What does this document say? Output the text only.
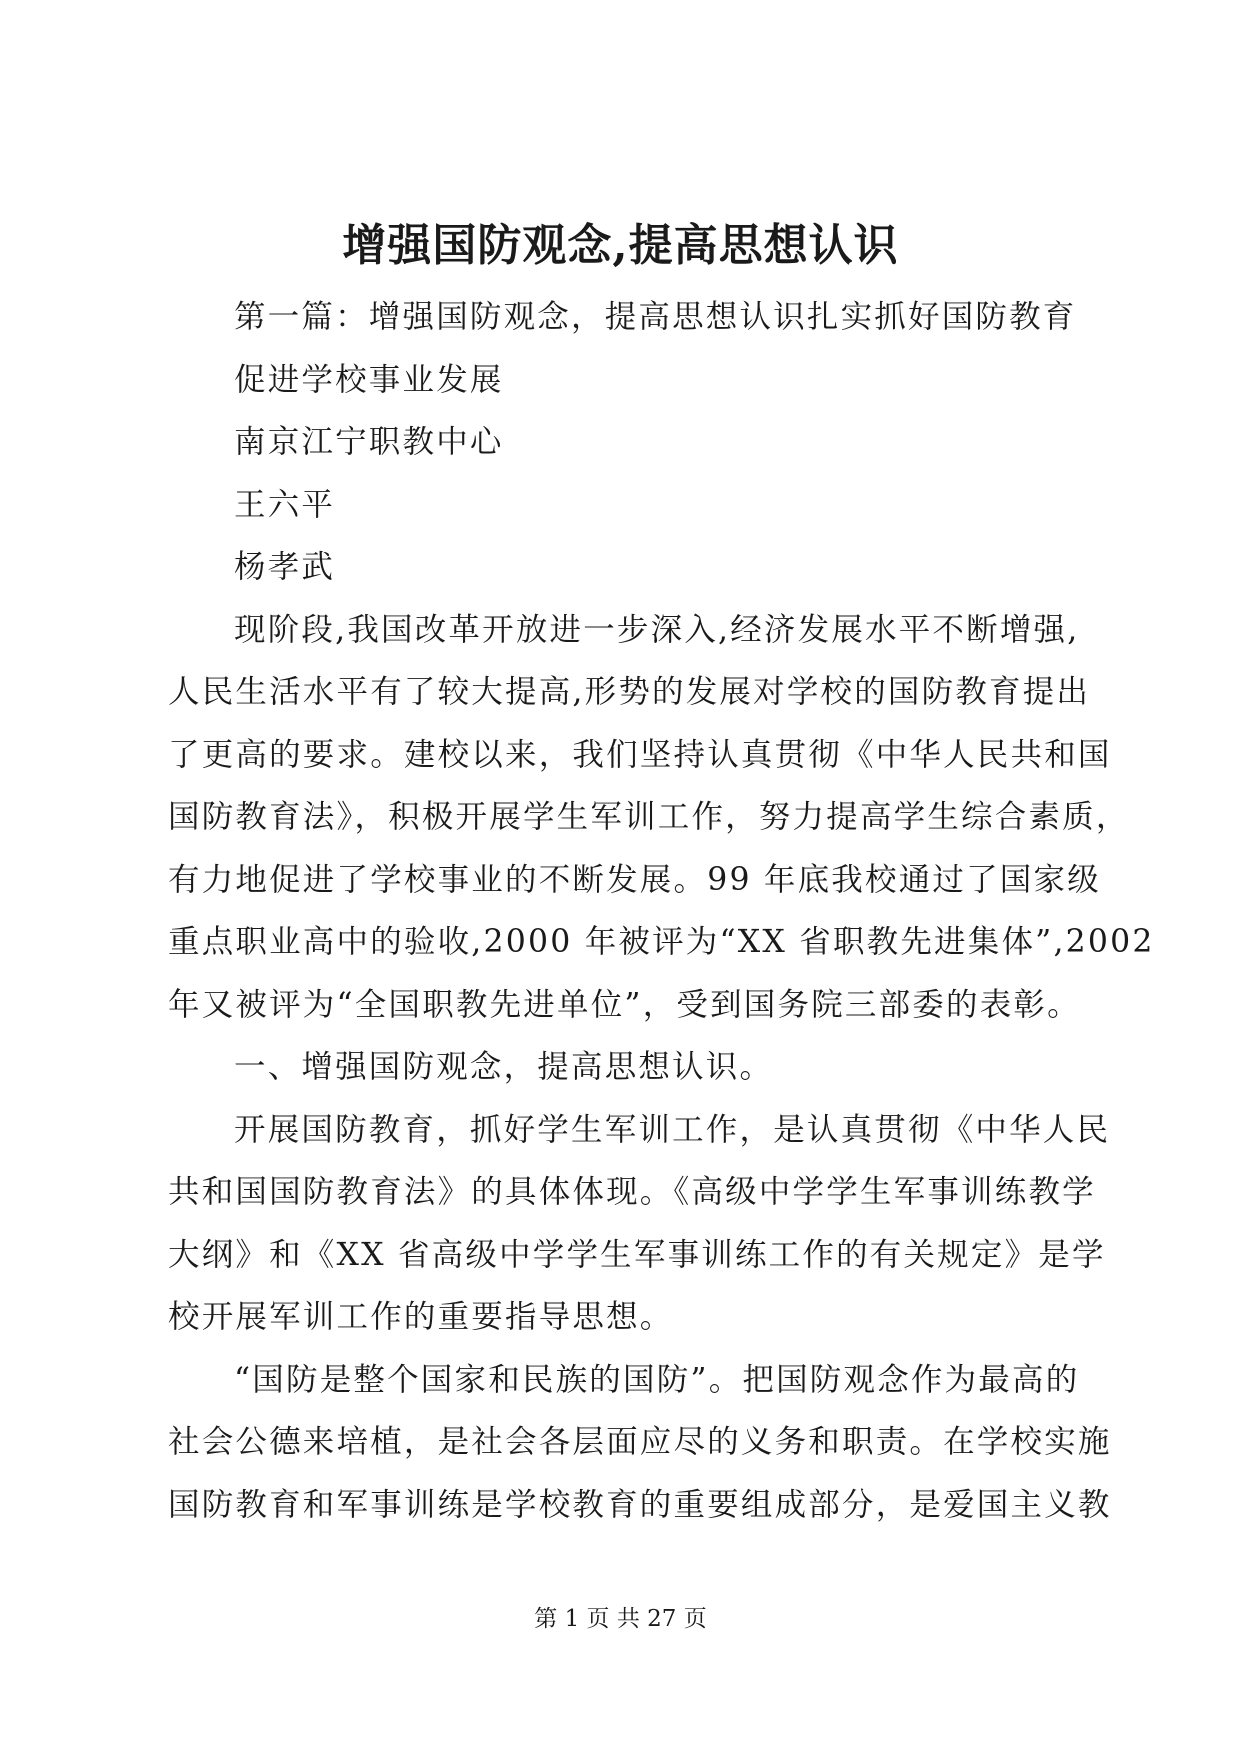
增强国防观念,提高思想认识
第一篇：增强国防观念，提高思想认识扎实抓好国防教育
促进学校事业发展
南京江宁职教中心
王六平
杨孝武
现阶段,我国改革开放进一步深入,经济发展水平不断增强,
人民生活水平有了较大提高,形势的发展对学校的国防教育提出
了更高的要求。建校以来，我们坚持认真贯彻《中华人民共和国
国防教育法》，积极开展学生军训工作，努力提高学生综合素质，
有力地促进了学校事业的不断发展。99 年底我校通过了国家级
重点职业高中的验收,2000 年被评为“XX 省职教先进集体”,2002
年又被评为“全国职教先进单位”，受到国务院三部委的表彰。
一、增强国防观念，提高思想认识。
开展国防教育，抓好学生军训工作，是认真贯彻《中华人民
共和国国防教育法》的具体体现。《高级中学学生军事训练教学
大纲》和《XX 省高级中学学生军事训练工作的有关规定》是学
校开展军训工作的重要指导思想。
“国防是整个国家和民族的国防”。把国防观念作为最高的
社会公德来培植，是社会各层面应尽的义务和职责。在学校实施
国防教育和军事训练是学校教育的重要组成部分，是爱国主义教
第 1 页 共 27 页
